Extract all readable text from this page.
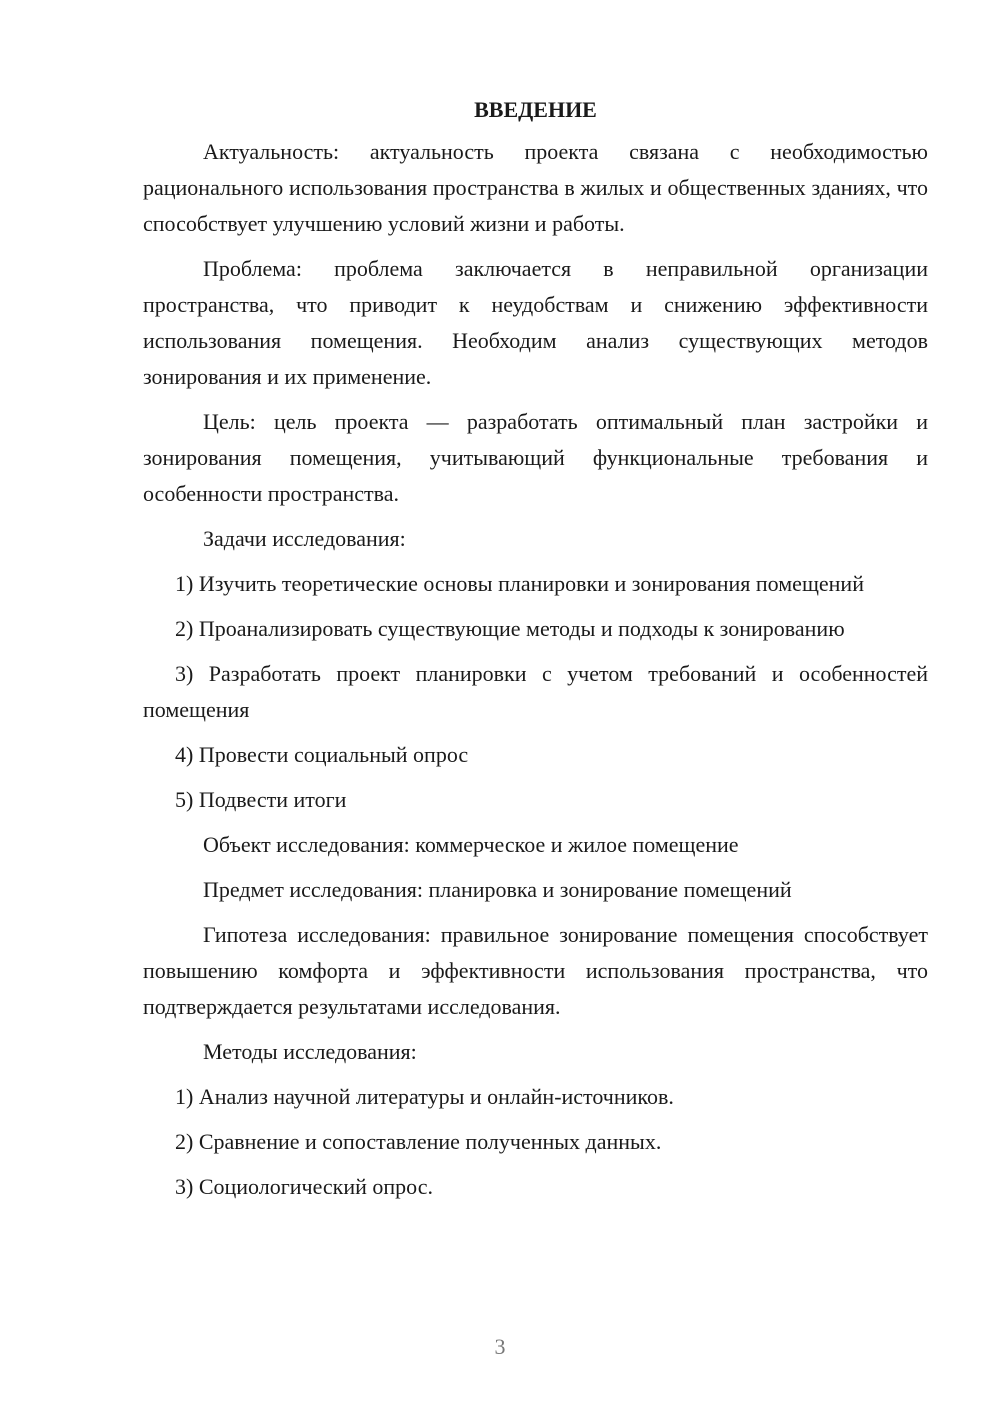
ВВЕДЕНИЕ

Актуальность: актуальность проекта связана с необходимостью рационального использования пространства в жилых и общественных зданиях, что способствует улучшению условий жизни и работы.

Проблема: проблема заключается в неправильной организации пространства, что приводит к неудобствам и снижению эффективности использования помещения. Необходим анализ существующих методов зонирования и их применение.

Цель: цель проекта — разработать оптимальный план застройки и зонирования помещения, учитывающий функциональные требования и особенности пространства.

Задачи исследования:

1) Изучить теоретические основы планировки и зонирования помещений

2) Проанализировать существующие методы и подходы к зонированию

3) Разработать проект планировки с учетом требований и особенностей помещения

4) Провести социальный опрос

5) Подвести итоги

Объект исследования: коммерческое и жилое помещение

Предмет исследования: планировка и зонирование помещений

Гипотеза исследования: правильное зонирование помещения способствует повышению комфорта и эффективности использования пространства, что подтверждается результатами исследования.

Методы исследования:

1) Анализ научной литературы и онлайн-источников.

2) Сравнение и сопоставление полученных данных.

3) Социологический опрос.

3
